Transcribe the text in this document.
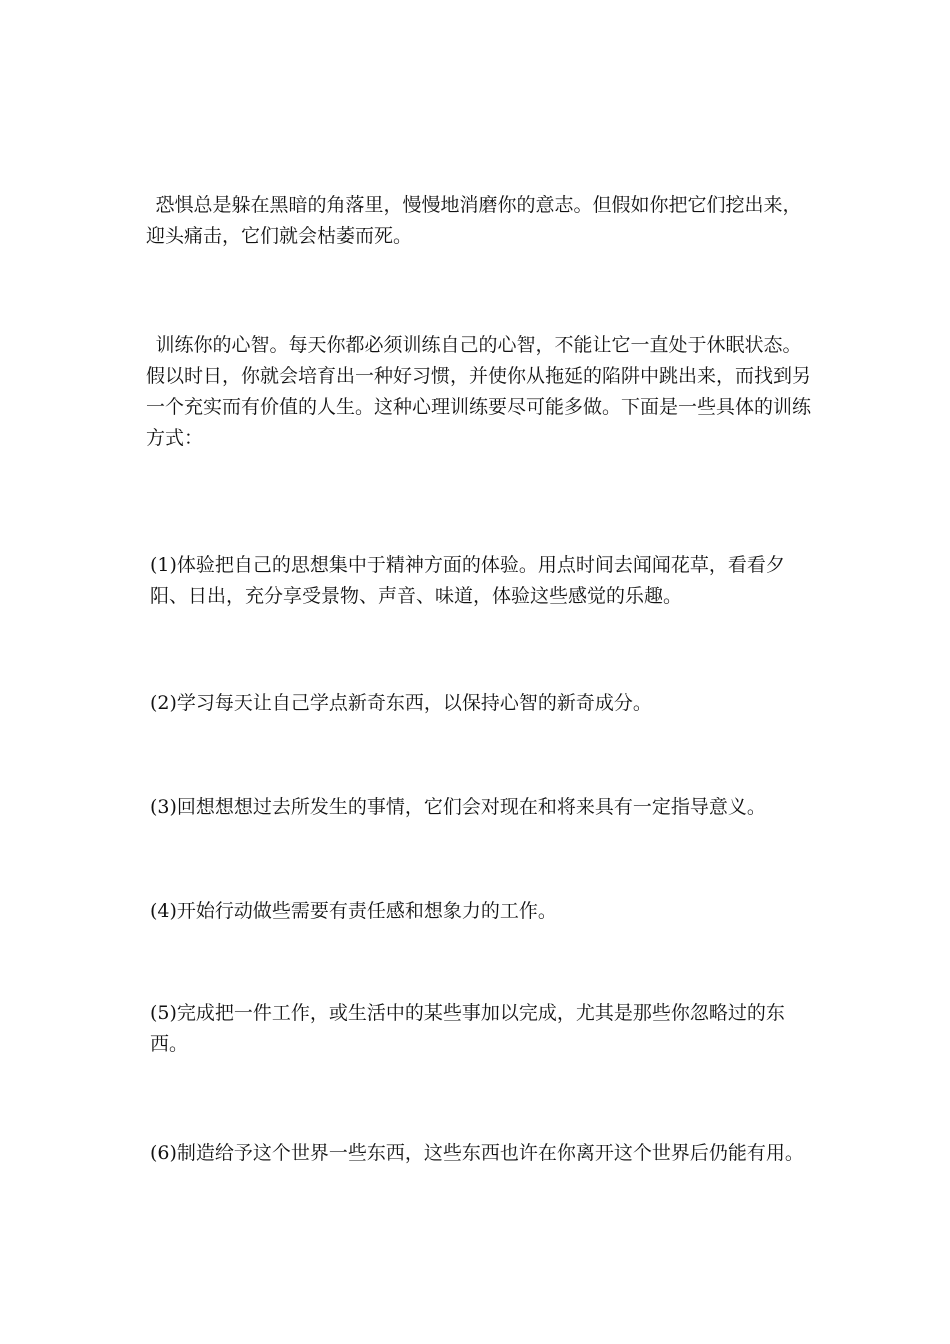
恐惧总是躲在黑暗的角落里，慢慢地消磨你的意志。但假如你把它们挖出来，迎头痛击，它们就会枯萎而死。

训练你的心智。每天你都必须训练自己的心智，不能让它一直处于休眠状态。假以时日，你就会培育出一种好习惯，并使你从拖延的陷阱中跳出来，而找到另一个充实而有价值的人生。这种心理训练要尽可能多做。下面是一些具体的训练方式：

(1)体验把自己的思想集中于精神方面的体验。用点时间去闻闻花草，看看夕阳、日出，充分享受景物、声音、味道，体验这些感觉的乐趣。

(2)学习每天让自己学点新奇东西，以保持心智的新奇成分。

(3)回想想想过去所发生的事情，它们会对现在和将来具有一定指导意义。

(4)开始行动做些需要有责任感和想象力的工作。

(5)完成把一件工作，或生活中的某些事加以完成，尤其是那些你忽略过的东西。

(6)制造给予这个世界一些东西，这些东西也许在你离开这个世界后仍能有用。
